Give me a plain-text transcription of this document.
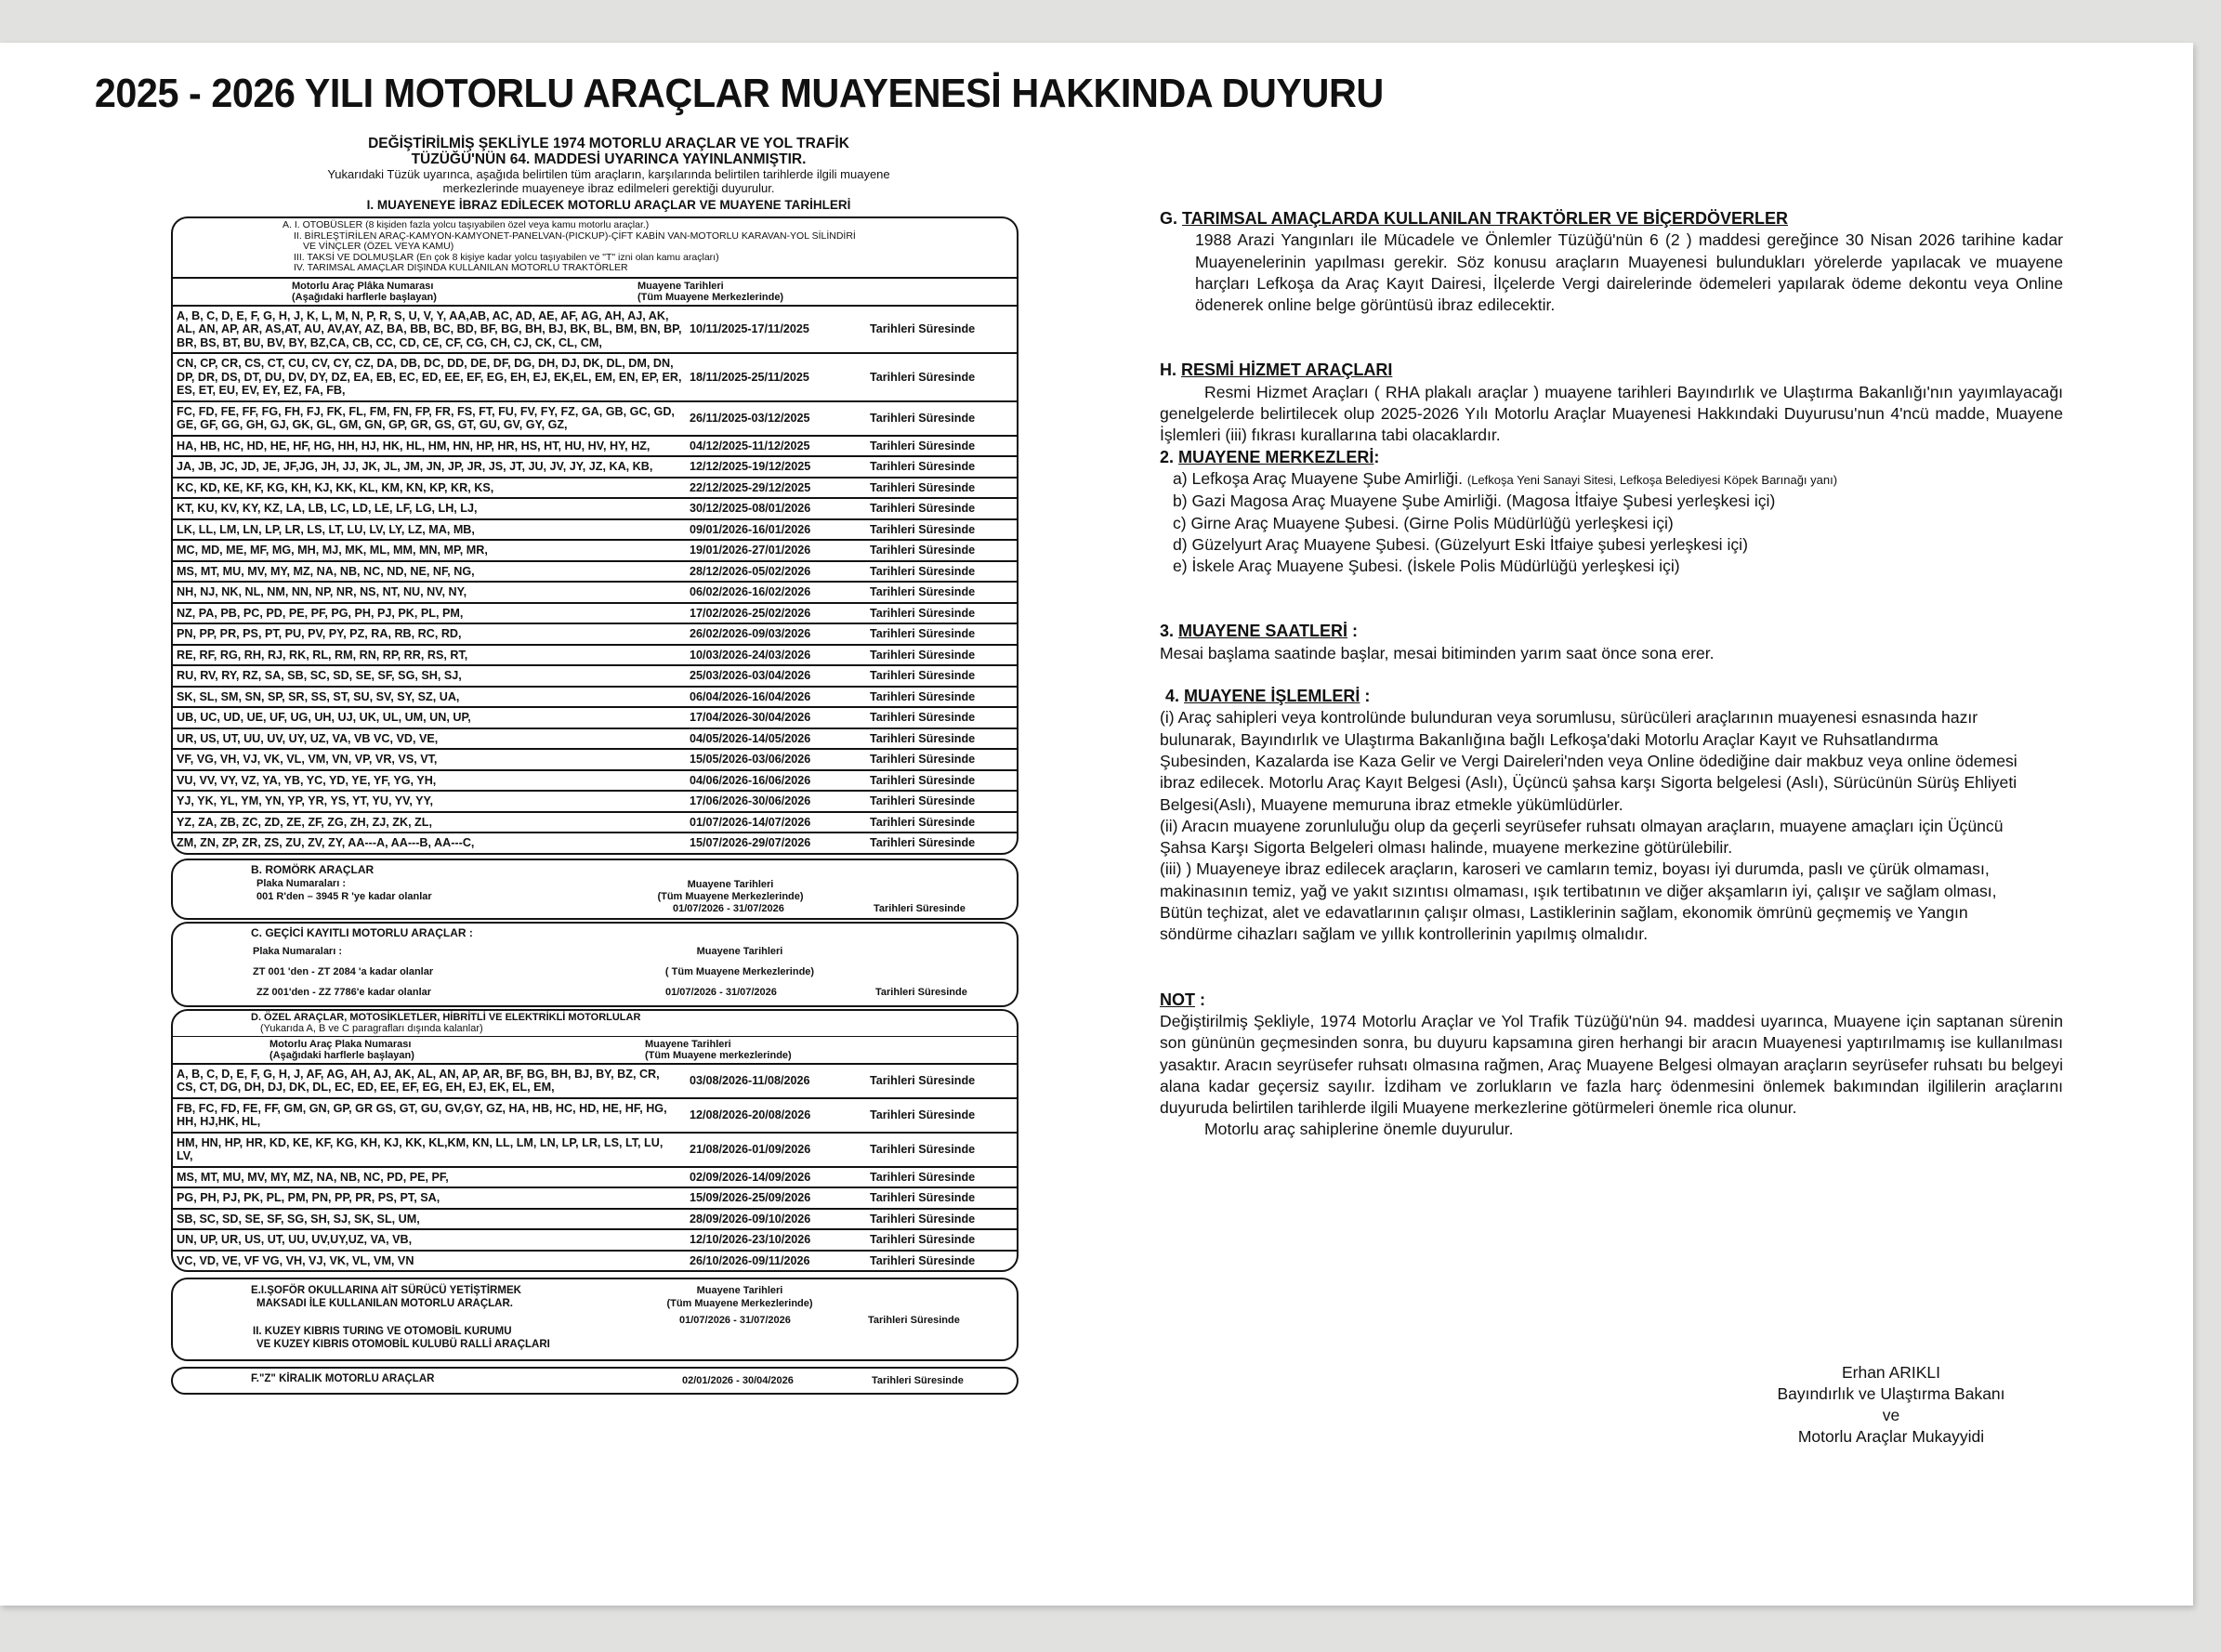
2025 - 2026 YILI MOTORLU ARAÇLAR MUAYENESİ HAKKINDA DUYURU
DEĞİŞTİRİLMİŞ ŞEKLİYLE 1974 MOTORLU ARAÇLAR VE YOL TRAFİK
TÜZÜĞÜ'NÜN 64. MADDESİ UYARINCA YAYINLANMIŞTIR.
Yukarıdaki Tüzük uyarınca, aşağıda belirtilen tüm araçların, karşılarında belirtilen tarihlerde ilgili muayene
merkezlerinde muayeneye ibraz edilmeleri gerektiği duyurulur.
I. MUAYENEYE İBRAZ EDİLECEK MOTORLU ARAÇLAR VE MUAYENE TARİHLERİ
A. I. OTOBÜSLER (8 kişiden fazla yolcu taşıyabilen özel veya kamu motorlu araçlar.)
II. BİRLEŞTİRİLEN ARAÇ-KAMYON-KAMYONET-PANELVAN-(PICKUP)-ÇİFT KABİN VAN-MOTORLU KARAVAN-YOL SİLİNDİRİ
VE VİNÇLER (ÖZEL VEYA KAMU)
III. TAKSİ VE DOLMUŞLAR (En çok 8 kişiye kadar yolcu taşıyabilen ve "T" izni olan kamu araçları)
IV. TARIMSAL AMAÇLAR DIŞINDA KULLANILAN MOTORLU TRAKTÖRLER
Motorlu Araç Plâka Numarası
(Aşağıdaki harflerle başlayan)
Muayene Tarihleri
(Tüm Muayene Merkezlerinde)
A, B, C, D, E, F, G, H, J, K, L, M, N, P, R, S, U, V, Y, AA,AB, AC, AD, AE, AF, AG, AH, AJ, AK, AL, AN, AP, AR, AS,AT, AU, AV,AY, AZ, BA, BB, BC, BD, BF, BG, BH, BJ, BK, BL, BM, BN, BP, BR, BS, BT, BU, BV, BY, BZ,CA, CB, CC, CD, CE, CF, CG, CH, CJ, CK, CL, CM,
10/11/2025-17/11/2025	Tarihleri Süresinde
CN, CP, CR, CS, CT, CU, CV, CY, CZ, DA, DB, DC, DD, DE, DF, DG, DH, DJ, DK, DL, DM, DN, DP, DR, DS, DT, DU, DV, DY, DZ, EA, EB, EC, ED, EE, EF, EG, EH, EJ, EK,EL, EM, EN, EP, ER, ES, ET, EU, EV, EY, EZ, FA, FB,
18/11/2025-25/11/2025	Tarihleri Süresinde
FC, FD, FE, FF, FG, FH, FJ, FK, FL, FM, FN, FP, FR, FS, FT, FU, FV, FY, FZ, GA, GB, GC, GD, GE, GF, GG, GH, GJ, GK, GL, GM, GN, GP, GR, GS, GT, GU, GV, GY, GZ,
26/11/2025-03/12/2025	Tarihleri Süresinde
HA, HB, HC, HD, HE, HF, HG, HH, HJ, HK, HL, HM, HN, HP, HR, HS, HT, HU, HV, HY, HZ,	04/12/2025-11/12/2025	Tarihleri Süresinde
JA, JB, JC, JD, JE, JF,JG, JH, JJ, JK, JL, JM, JN, JP, JR, JS, JT, JU, JV, JY, JZ, KA, KB,	12/12/2025-19/12/2025	Tarihleri Süresinde
KC, KD, KE, KF, KG, KH, KJ, KK, KL, KM, KN, KP, KR, KS,	22/12/2025-29/12/2025	Tarihleri Süresinde
KT, KU, KV, KY, KZ, LA, LB, LC, LD, LE, LF, LG, LH, LJ,	30/12/2025-08/01/2026	Tarihleri Süresinde
LK, LL, LM, LN, LP, LR, LS, LT, LU, LV, LY, LZ, MA, MB,	09/01/2026-16/01/2026	Tarihleri Süresinde
MC, MD, ME, MF, MG, MH, MJ, MK, ML, MM, MN, MP, MR,	19/01/2026-27/01/2026	Tarihleri Süresinde
MS, MT, MU, MV, MY, MZ, NA, NB, NC, ND, NE, NF, NG,	28/12/2026-05/02/2026	Tarihleri Süresinde
NH, NJ, NK, NL, NM, NN, NP, NR, NS, NT, NU, NV, NY,	06/02/2026-16/02/2026	Tarihleri Süresinde
NZ, PA, PB, PC, PD, PE, PF, PG, PH, PJ, PK, PL, PM,	17/02/2026-25/02/2026	Tarihleri Süresinde
PN, PP, PR, PS, PT, PU, PV, PY, PZ, RA, RB, RC, RD,	26/02/2026-09/03/2026	Tarihleri Süresinde
RE, RF, RG, RH, RJ, RK, RL, RM, RN, RP, RR, RS, RT,	10/03/2026-24/03/2026	Tarihleri Süresinde
RU, RV, RY, RZ, SA, SB, SC, SD, SE, SF, SG, SH, SJ,	25/03/2026-03/04/2026	Tarihleri Süresinde
SK, SL, SM, SN, SP, SR, SS, ST, SU, SV, SY, SZ, UA,	06/04/2026-16/04/2026	Tarihleri Süresinde
UB, UC, UD, UE, UF, UG, UH, UJ, UK, UL, UM, UN, UP,	17/04/2026-30/04/2026	Tarihleri Süresinde
UR, US, UT, UU, UV, UY, UZ, VA, VB VC, VD, VE,	04/05/2026-14/05/2026	Tarihleri Süresinde
VF, VG, VH, VJ, VK, VL, VM, VN, VP, VR, VS, VT,	15/05/2026-03/06/2026	Tarihleri Süresinde
VU, VV, VY, VZ, YA, YB, YC, YD, YE, YF, YG, YH,	04/06/2026-16/06/2026	Tarihleri Süresinde
YJ, YK, YL, YM, YN, YP, YR, YS, YT, YU, YV, YY,	17/06/2026-30/06/2026	Tarihleri Süresinde
YZ, ZA, ZB, ZC, ZD, ZE, ZF, ZG, ZH, ZJ, ZK, ZL,	01/07/2026-14/07/2026	Tarihleri Süresinde
ZM, ZN, ZP, ZR, ZS, ZU, ZV, ZY, AA---A, AA---B, AA---C,	15/07/2026-29/07/2026	Tarihleri Süresinde
B. ROMÖRK ARAÇLAR
Plaka Numaraları :
001 R'den – 3945 R 'ye kadar olanlar
Muayene Tarihleri
(Tüm Muayene Merkezlerinde)
01/07/2026 - 31/07/2026	Tarihleri Süresinde
C. GEÇİCİ KAYITLI MOTORLU ARAÇLAR :
Plaka Numaraları :
ZT 001 'den - ZT 2084 'a kadar olanlar
ZZ 001'den - ZZ 7786'e kadar olanlar
Muayene Tarihleri
( Tüm Muayene Merkezlerinde)
01/07/2026 - 31/07/2026	Tarihleri Süresinde
D. ÖZEL ARAÇLAR, MOTOSİKLETLER, HİBRİTLİ VE ELEKTRİKLİ MOTORLULAR
(Yukarıda A, B ve C paragrafları dışında kalanlar)
Motorlu Araç Plaka Numarası
(Aşağıdaki harflerle başlayan)
Muayene Tarihleri
(Tüm Muayene merkezlerinde)
A, B, C, D, E, F, G, H, J, AF, AG, AH, AJ, AK, AL, AN, AP, AR, BF, BG, BH, BJ, BY, BZ, CR, CS, CT, DG, DH, DJ, DK, DL, EC, ED, EE, EF, EG, EH, EJ, EK, EL, EM,
03/08/2026-11/08/2026	Tarihleri Süresinde
FB, FC, FD, FE, FF, GM, GN, GP, GR GS, GT, GU, GV,GY, GZ, HA, HB, HC, HD, HE, HF, HG, HH, HJ,HK, HL,
12/08/2026-20/08/2026	Tarihleri Süresinde
HM, HN, HP, HR, KD, KE, KF, KG, KH, KJ, KK, KL,KM, KN, LL, LM, LN, LP, LR, LS, LT, LU, LV,
21/08/2026-01/09/2026	Tarihleri Süresinde
MS, MT, MU, MV, MY, MZ, NA, NB, NC, PD, PE, PF,	02/09/2026-14/09/2026	Tarihleri Süresinde
PG, PH, PJ, PK, PL, PM, PN, PP, PR, PS, PT, SA,	15/09/2026-25/09/2026	Tarihleri Süresinde
SB, SC, SD, SE, SF, SG, SH, SJ, SK, SL, UM,	28/09/2026-09/10/2026	Tarihleri Süresinde
UN, UP, UR, US, UT, UU, UV,UY,UZ, VA, VB,	12/10/2026-23/10/2026	Tarihleri Süresinde
VC, VD, VE, VF VG, VH, VJ, VK, VL, VM, VN	26/10/2026-09/11/2026	Tarihleri Süresinde
E.I.ŞOFÖR OKULLARINA AİT SÜRÜCÜ YETİŞTİRMEK
MAKSADI İLE KULLANILAN MOTORLU ARAÇLAR.
II. KUZEY KIBRIS TURING VE OTOMOBİL KURUMU
VE KUZEY KIBRIS OTOMOBİL KULUBÜ RALLİ ARAÇLARI
Muayene Tarihleri
(Tüm Muayene Merkezlerinde)
01/07/2026 - 31/07/2026	Tarihleri Süresinde
F."Z" KİRALIK MOTORLU ARAÇLAR	02/01/2026 - 30/04/2026	Tarihleri Süresinde
G. TARIMSAL AMAÇLARDA KULLANILAN TRAKTÖRLER VE BİÇERDÖVERLER
1988 Arazi Yangınları ile Mücadele ve Önlemler Tüzüğü'nün 6 (2 ) maddesi gereğince 30 Nisan 2026 tarihine kadar Muayenelerinin yapılması gerekir. Söz konusu araçların Muayenesi bulundukları yörelerde yapılacak ve muayene harçları Lefkoşa da Araç Kayıt Dairesi, İlçelerde Vergi dairelerinde ödemeleri yapılarak ödeme dekontu veya Online ödenerek online belge görüntüsü ibraz edilecektir.
H. RESMİ HİZMET ARAÇLARI
Resmi Hizmet Araçları ( RHA plakalı araçlar ) muayene tarihleri Bayındırlık ve Ulaştırma Bakanlığı'nın yayımlayacağı genelgelerde belirtilecek olup 2025-2026 Yılı Motorlu Araçlar Muayenesi Hakkındaki Duyurusu'nun 4'ncü madde, Muayene İşlemleri (iii) fıkrası kurallarına tabi olacaklardır.
2. MUAYENE MERKEZLERİ:
a) Lefkoşa Araç Muayene Şube Amirliği. (Lefkoşa Yeni Sanayi Sitesi, Lefkoşa Belediyesi Köpek Barınağı yanı)
b) Gazi Magosa Araç Muayene Şube Amirliği. (Magosa İtfaiye Şubesi yerleşkesi içi)
c) Girne Araç Muayene Şubesi. (Girne Polis Müdürlüğü yerleşkesi içi)
d) Güzelyurt Araç Muayene Şubesi. (Güzelyurt Eski İtfaiye şubesi yerleşkesi içi)
e) İskele Araç Muayene Şubesi. (İskele Polis Müdürlüğü yerleşkesi içi)
3. MUAYENE SAATLERİ :
Mesai başlama saatinde başlar, mesai bitiminden yarım saat önce sona erer.
4. MUAYENE İŞLEMLERİ :
(i) Araç sahipleri veya kontrolünde bulunduran veya sorumlusu, sürücüleri araçlarının muayenesi esnasında hazır bulunarak, Bayındırlık ve Ulaştırma Bakanlığına bağlı Lefkoşa'daki Motorlu Araçlar Kayıt ve Ruhsatlandırma Şubesinden, Kazalarda ise Kaza Gelir ve Vergi Daireleri'nden veya Online ödediğine dair makbuz veya online ödemesi ibraz edilecek. Motorlu Araç Kayıt Belgesi (Aslı), Üçüncü şahsa karşı Sigorta belgelesi (Aslı), Sürücünün Sürüş Ehliyeti Belgesi(Aslı), Muayene memuruna ibraz etmekle yükümlüdürler.
(ii) Aracın muayene zorunluluğu olup da geçerli seyrüsefer ruhsatı olmayan araçların, muayene amaçları için Üçüncü Şahsa Karşı Sigorta Belgeleri olması halinde, muayene merkezine götürülebilir.
(iii) ) Muayeneye ibraz edilecek araçların, karoseri ve camların temiz, boyası iyi durumda, paslı ve çürük olmaması, makinasının temiz, yağ ve yakıt sızıntısı olmaması, ışık tertibatının ve diğer akşamların iyi, çalışır ve sağlam olması, Bütün teçhizat, alet ve edavatlarının çalışır olması, Lastiklerinin sağlam, ekonomik ömrünü geçmemiş ve Yangın söndürme cihazları sağlam ve yıllık kontrollerinin yapılmış olmalıdır.
NOT :
Değiştirilmiş Şekliyle, 1974 Motorlu Araçlar ve Yol Trafik Tüzüğü'nün 94. maddesi uyarınca, Muayene için saptanan sürenin son gününün geçmesinden sonra, bu duyuru kapsamına giren herhangi bir aracın Muayenesi yaptırılmamış ise kullanılması yasaktır. Aracın seyrüsefer ruhsatı olmasına rağmen, Araç Muayene Belgesi olmayan araçların seyrüsefer ruhsatı bu belgeyi alana kadar geçersiz sayılır. İzdiham ve zorlukların ve fazla harç ödenmesini önlemek bakımından ilgililerin araçlarını duyuruda belirtilen tarihlerde ilgili Muayene merkezlerine götürmeleri önemle rica olunur.
Motorlu araç sahiplerine önemle duyurulur.
Erhan ARIKLI
Bayındırlık ve Ulaştırma Bakanı
ve
Motorlu Araçlar Mukayyidi
